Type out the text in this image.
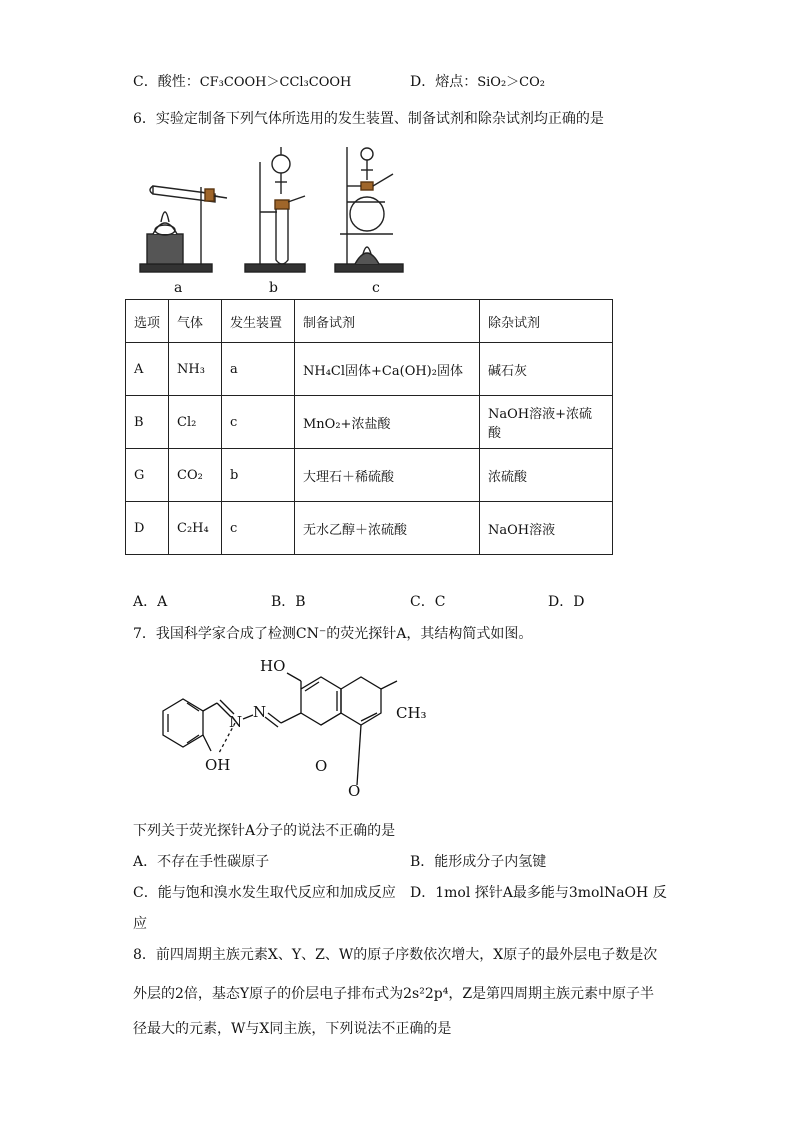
C．酸性：CF₃COOH＞CCl₃COOH	D．熔点：SiO₂＞CO₂
6．实验定制备下列气体所选用的发生装置、制备试剂和除杂试剂均正确的是
a	b	c
选项	气体	发生装置	制备试剂	除杂试剂
A	NH₃	a	NH₄Cl固体+Ca(OH)₂固体	碱石灰
B	Cl₂	c	MnO₂+浓盐酸	NaOH溶液+浓硫酸
G	CO₂	b	大理石＋稀硫酸	浓硫酸
D	C₂H₄	c	无水乙醇＋浓硫酸	NaOH溶液
A．A	B．B	C．C	D．D
7．我国科学家合成了检测CN⁻的荧光探针A，其结构简式如图。
HO
CH₃
N
N
OH	O
O
下列关于荧光探针A分子的说法不正确的是
A．不存在手性碳原子	B．能形成分子内氢键
C．能与饱和溴水发生取代反应和加成反应 D．1mol 探针A最多能与3molNaOH 反
应
8．前四周期主族元素X、Y、Z、W的原子序数依次增大，X原子的最外层电子数是次
外层的2倍，基态Y原子的价层电子排布式为2s²2p⁴，Z是第四周期主族元素中原子半
径最大的元素，W与X同主族，下列说法不正确的是
